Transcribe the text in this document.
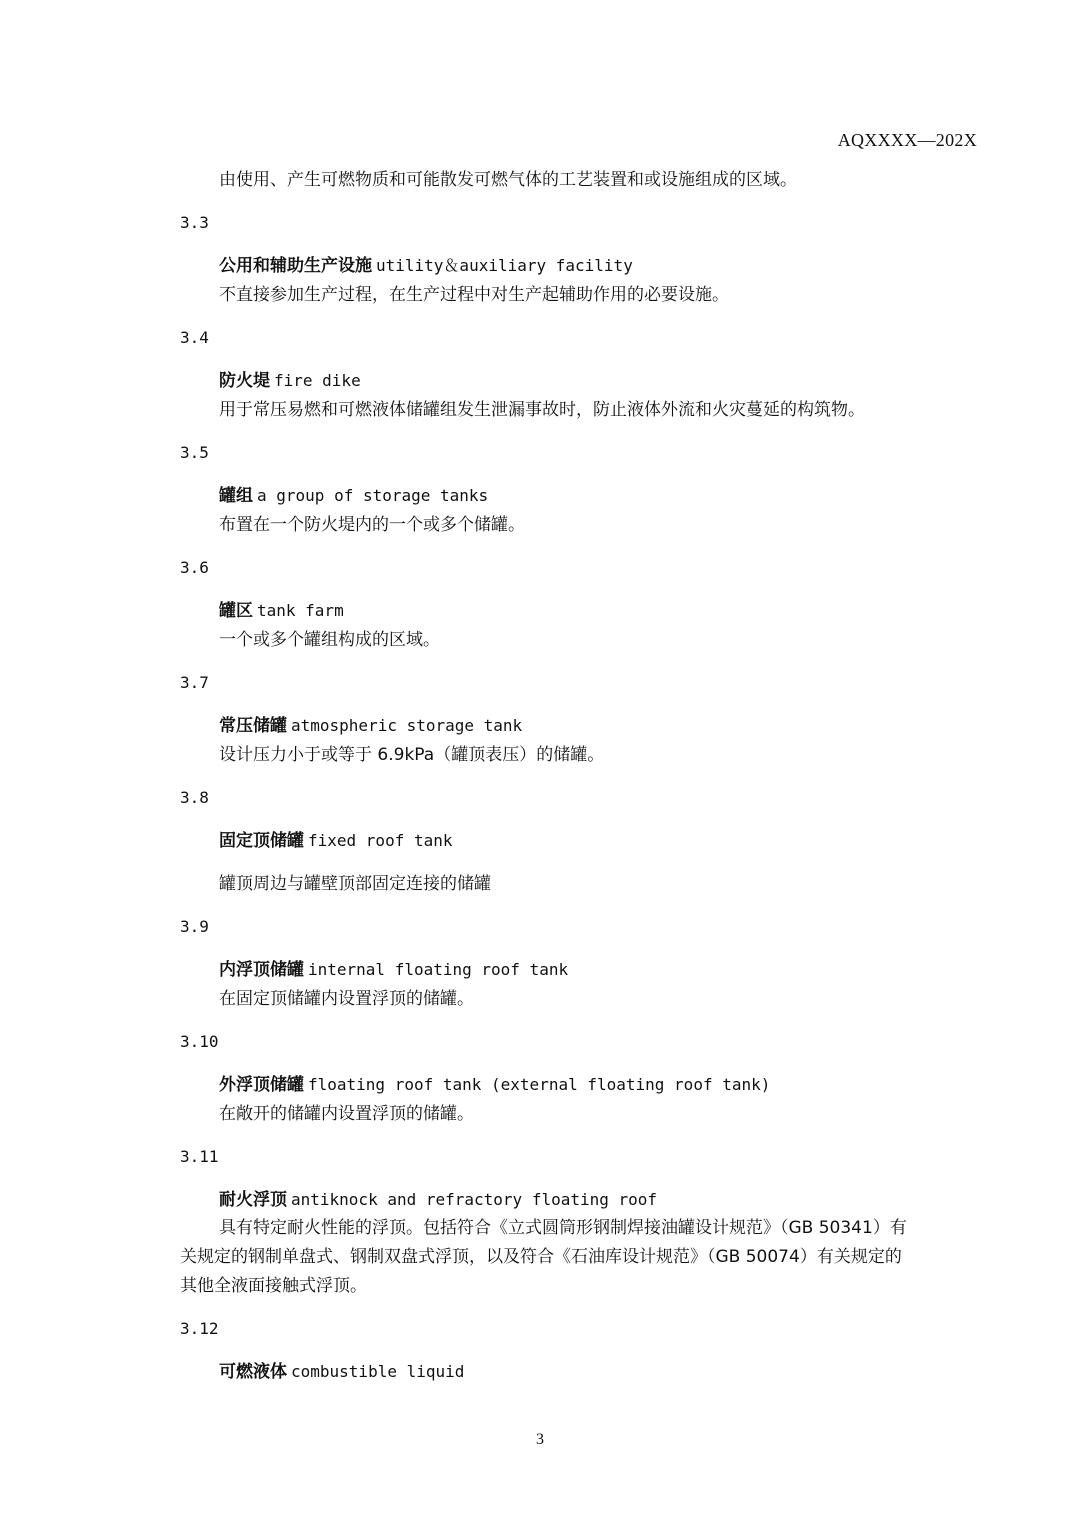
AQXXXX—202X
由使用、产生可燃物质和可能散发可燃气体的工艺装置和或设施组成的区域。
3.3
公用和辅助生产设施 utility＆auxiliary facility
不直接参加生产过程，在生产过程中对生产起辅助作用的必要设施。
3.4
防火堤 fire dike
用于常压易燃和可燃液体储罐组发生泄漏事故时，防止液体外流和火灾蔓延的构筑物。
3.5
罐组 a group of storage tanks
布置在一个防火堤内的一个或多个储罐。
3.6
罐区 tank farm
一个或多个罐组构成的区域。
3.7
常压储罐 atmospheric storage tank
设计压力小于或等于 6.9kPa（罐顶表压）的储罐。
3.8
固定顶储罐 fixed roof tank
罐顶周边与罐壁顶部固定连接的储罐
3.9
内浮顶储罐 internal floating roof tank
在固定顶储罐内设置浮顶的储罐。
3.10
外浮顶储罐 floating roof tank (external floating roof tank)
在敞开的储罐内设置浮顶的储罐。
3.11
耐火浮顶 antiknock and refractory floating roof
具有特定耐火性能的浮顶。包括符合《立式圆筒形钢制焊接油罐设计规范》（GB 50341）有
关规定的钢制单盘式、钢制双盘式浮顶，以及符合《石油库设计规范》（GB 50074）有关规定的
其他全液面接触式浮顶。
3.12
可燃液体 combustible liquid
3
